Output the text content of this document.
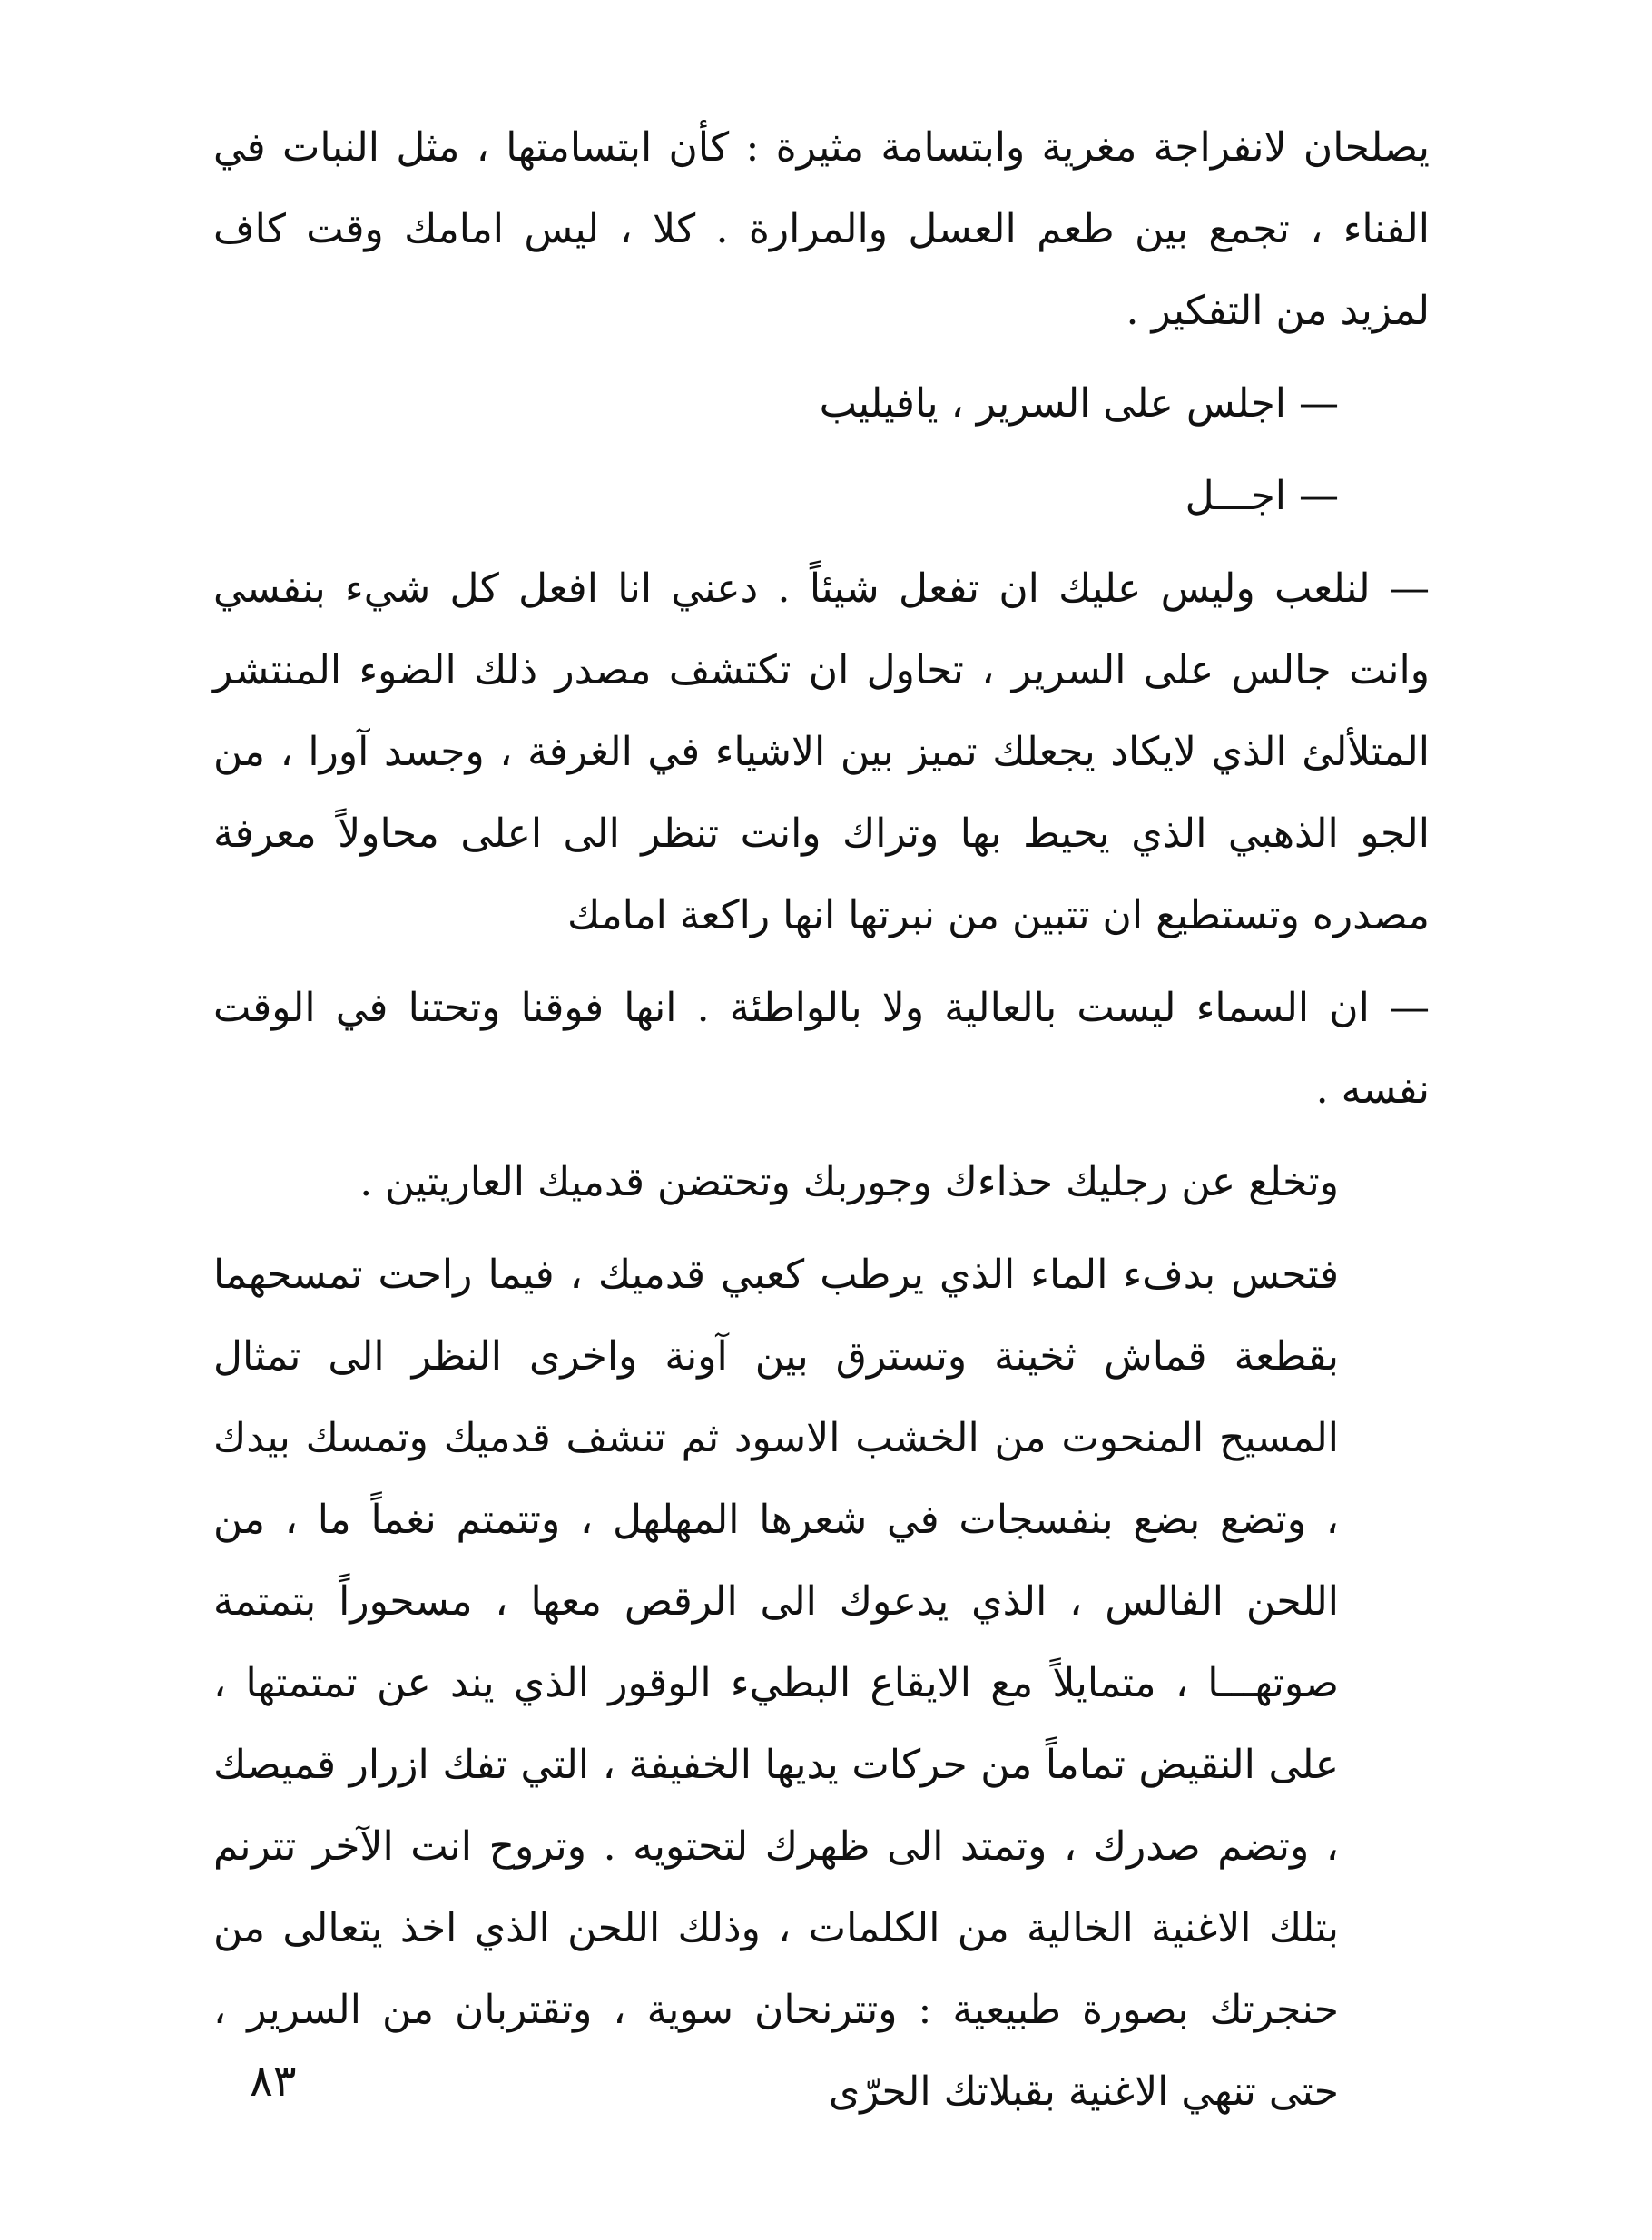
يصلحان لانفراجة مغرية وابتسامة مثيرة : كأن ابتسامتها ، مثل النبات في الفناء ، تجمع بين طعم العسل والمرارة . كلا ، ليس امامك وقت كاف لمزيد من التفكير .

— اجلس على السرير ، يافيليب

— اجـــل

— لنلعب وليس عليك ان تفعل شيئاً . دعني انا افعل كل شيء بنفسي وانت جالس على السرير ، تحاول ان تكتشف مصدر ذلك الضوء المنتشر المتلألئ الذي لايكاد يجعلك تميز بين الاشياء في الغرفة ، وجسد آورا ، من الجو الذهبي الذي يحيط بها وتراك وانت تنظر الى اعلى محاولاً معرفة مصدره وتستطيع ان تتبين من نبرتها انها راكعة امامك

— ان السماء ليست بالعالية ولا بالواطئة . انها فوقنا وتحتنا في الوقت نفسه .

وتخلع عن رجليك حذاءك وجوربك وتحتضن قدميك العاريتين .

فتحس بدفء الماء الذي يرطب كعبي قدميك ، فيما راحت تمسحهما بقطعة قماش ثخينة وتسترق بين آونة واخرى النظر الى تمثال المسيح المنحوت من الخشب الاسود ثم تنشف قدميك وتمسك بيدك ، وتضع بضع بنفسجات في شعرها المهلهل ، وتتمتم نغماً ما ، من اللحن الفالس ، الذي يدعوك الى الرقص معها ، مسحوراً بتمتمة صوتهـــا ، متمايلاً مع الايقاع البطيء الوقور الذي يند عن تمتمتها ، على النقيض تماماً من حركات يديها الخفيفة ، التي تفك ازرار قميصك ، وتضم صدرك ، وتمتد الى ظهرك لتحتويه . وتروح انت الآخر تترنم بتلك الاغنية الخالية من الكلمات ، وذلك اللحن الذي اخذ يتعالى من حنجرتك بصورة طبيعية : وتترنحان سوية ، وتقتربان من السرير ، حتى تنهي الاغنية بقبلاتك الحرّى

٨٣
